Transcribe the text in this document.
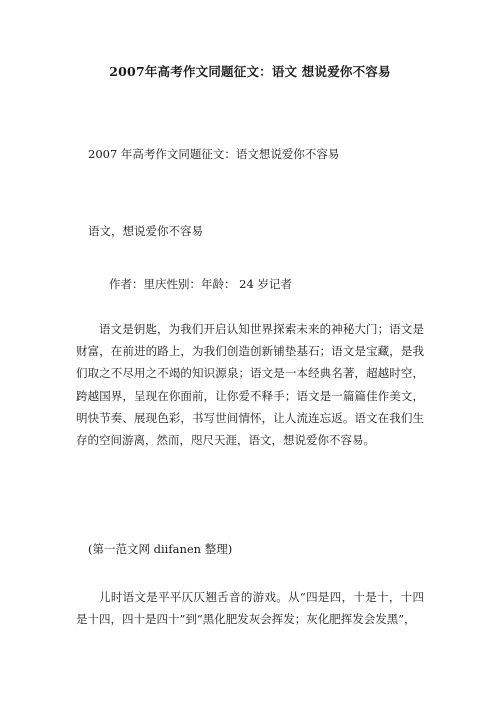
2007年高考作文同题征文：语文 想说爱你不容易
2007 年高考作文同题征文：语文想说爱你不容易
语文，想说爱你不容易
作者：里庆性别：年龄： 24 岁记者

语文是钥匙，为我们开启认知世界探索未来的神秘大门；语文是财富，在前进的路上，为我们创造创新铺垫基石；语文是宝藏，是我们取之不尽用之不竭的知识源泉；语文是一本经典名著，超越时空，跨越国界，呈现在你面前，让你爱不释手；语文是一篇篇佳作美文，明快节奏、展现色彩，书写世间情怀，让人流连忘返。语文在我们生存的空间游离，然而，咫尺天涯，语文，想说爱你不容易。

(第一范文网 diifanen 整理)

儿时语文是平平仄仄翘舌音的游戏。从“四是四，十是十，十四是十四，四十是四十”到“黑化肥发灰会挥发；灰化肥挥发会发黑”，
